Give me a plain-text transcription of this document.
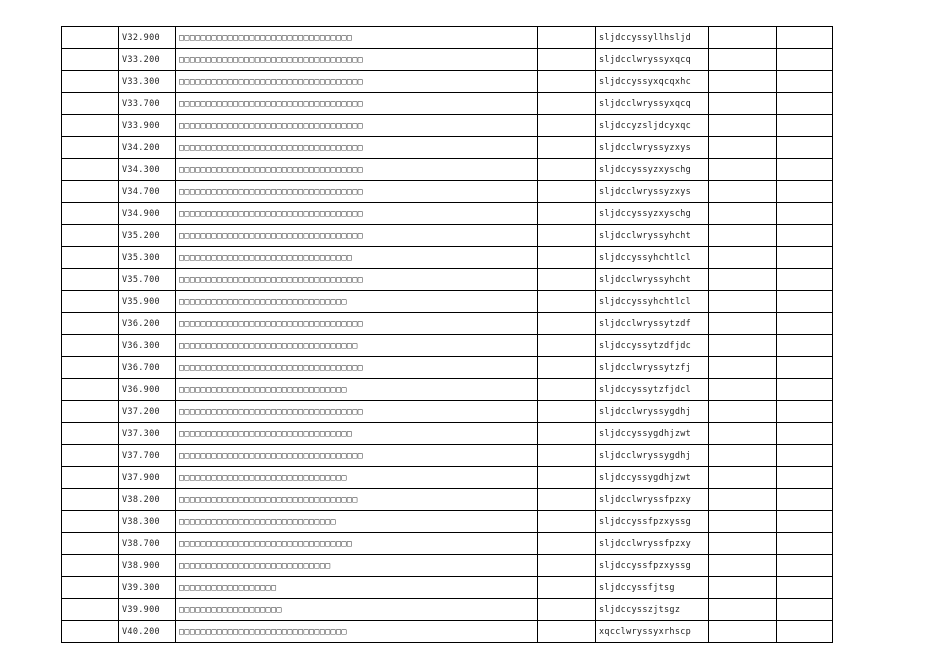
	V32.900	□□□□□□□□□□□□□□□□□□□□□□□□□□□□□□□□		sljdccyssyllhsljd		
	V33.200	□□□□□□□□□□□□□□□□□□□□□□□□□□□□□□□□□□		sljdcclwryssyxqcq		
	V33.300	□□□□□□□□□□□□□□□□□□□□□□□□□□□□□□□□□□		sljdccyssyxqcqxhc		
	V33.700	□□□□□□□□□□□□□□□□□□□□□□□□□□□□□□□□□□		sljdcclwryssyxqcq		
	V33.900	□□□□□□□□□□□□□□□□□□□□□□□□□□□□□□□□□□		sljdccyzsljdcyxqc		
	V34.200	□□□□□□□□□□□□□□□□□□□□□□□□□□□□□□□□□□		sljdcclwryssyzxys		
	V34.300	□□□□□□□□□□□□□□□□□□□□□□□□□□□□□□□□□□		sljdccyssyzxyschg		
	V34.700	□□□□□□□□□□□□□□□□□□□□□□□□□□□□□□□□□□		sljdcclwryssyzxys		
	V34.900	□□□□□□□□□□□□□□□□□□□□□□□□□□□□□□□□□□		sljdccyssyzxyschg		
	V35.200	□□□□□□□□□□□□□□□□□□□□□□□□□□□□□□□□□□		sljdcclwryssyhcht		
	V35.300	□□□□□□□□□□□□□□□□□□□□□□□□□□□□□□□□		sljdccyssyhchtlcl		
	V35.700	□□□□□□□□□□□□□□□□□□□□□□□□□□□□□□□□□□		sljdcclwryssyhcht		
	V35.900	□□□□□□□□□□□□□□□□□□□□□□□□□□□□□□□		sljdccyssyhchtlcl		
	V36.200	□□□□□□□□□□□□□□□□□□□□□□□□□□□□□□□□□□		sljdcclwryssytzdf		
	V36.300	□□□□□□□□□□□□□□□□□□□□□□□□□□□□□□□□□		sljdccyssytzdfjdc		
	V36.700	□□□□□□□□□□□□□□□□□□□□□□□□□□□□□□□□□□		sljdcclwryssytzfj		
	V36.900	□□□□□□□□□□□□□□□□□□□□□□□□□□□□□□□		sljdccyssytzfjdcl		
	V37.200	□□□□□□□□□□□□□□□□□□□□□□□□□□□□□□□□□□		sljdcclwryssygdhj		
	V37.300	□□□□□□□□□□□□□□□□□□□□□□□□□□□□□□□□		sljdccyssygdhjzwt		
	V37.700	□□□□□□□□□□□□□□□□□□□□□□□□□□□□□□□□□□		sljdcclwryssygdhj		
	V37.900	□□□□□□□□□□□□□□□□□□□□□□□□□□□□□□□		sljdccyssygdhjzwt		
	V38.200	□□□□□□□□□□□□□□□□□□□□□□□□□□□□□□□□□		sljdcclwryssfpzxy		
	V38.300	□□□□□□□□□□□□□□□□□□□□□□□□□□□□□		sljdccyssfpzxyssg		
	V38.700	□□□□□□□□□□□□□□□□□□□□□□□□□□□□□□□□		sljdcclwryssfpzxy		
	V38.900	□□□□□□□□□□□□□□□□□□□□□□□□□□□□		sljdccyssfpzxyssg		
	V39.300	□□□□□□□□□□□□□□□□□□		sljdccyssfjtsg		
	V39.900	□□□□□□□□□□□□□□□□□□□		sljdccysszjtsgz		
	V40.200	□□□□□□□□□□□□□□□□□□□□□□□□□□□□□□□		xqcclwryssyxrhscp		
